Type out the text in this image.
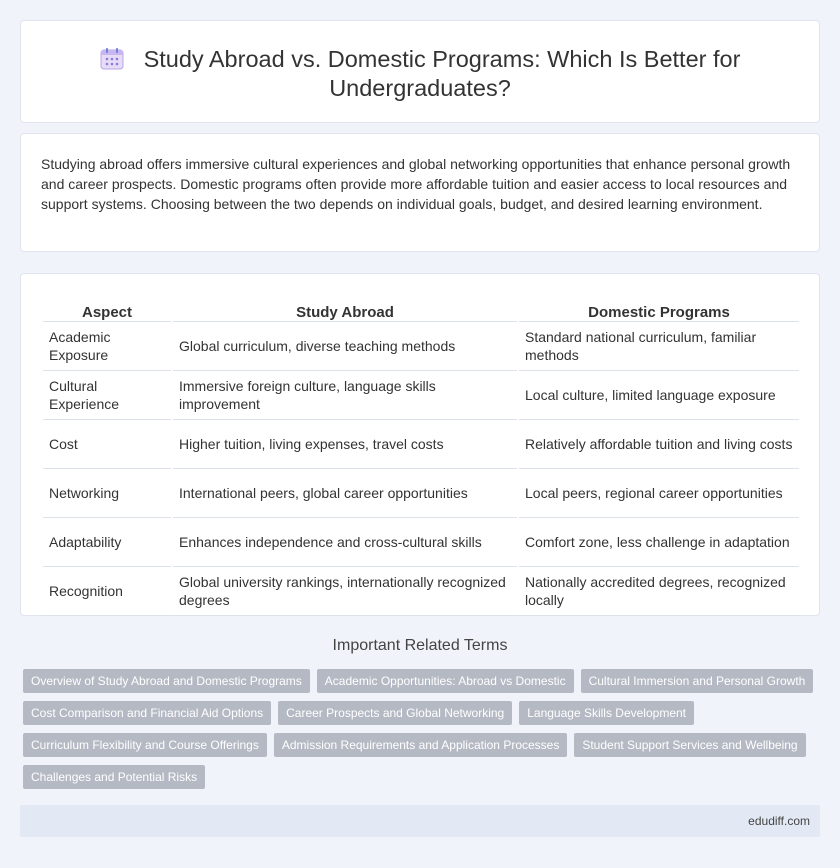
Study Abroad vs. Domestic Programs: Which Is Better for Undergraduates?

Studying abroad offers immersive cultural experiences and global networking opportunities that enhance personal growth and career prospects. Domestic programs often provide more affordable tuition and easier access to local resources and support systems. Choosing between the two depends on individual goals, budget, and desired learning environment.

Aspect	Study Abroad	Domestic Programs
Academic Exposure	Global curriculum, diverse teaching methods	Standard national curriculum, familiar methods
Cultural Experience	Immersive foreign culture, language skills improvement	Local culture, limited language exposure
Cost	Higher tuition, living expenses, travel costs	Relatively affordable tuition and living costs
Networking	International peers, global career opportunities	Local peers, regional career opportunities
Adaptability	Enhances independence and cross-cultural skills	Comfort zone, less challenge in adaptation
Recognition	Global university rankings, internationally recognized degrees	Nationally accredited degrees, recognized locally
Important Related Terms
Overview of Study Abroad and Domestic Programs	Academic Opportunities: Abroad vs Domestic	Cultural Immersion and Personal Growth
Cost Comparison and Financial Aid Options	Career Prospects and Global Networking	Language Skills Development
Curriculum Flexibility and Course Offerings	Admission Requirements and Application Processes	Student Support Services and Wellbeing
Challenges and Potential Risks
edudiff.com
